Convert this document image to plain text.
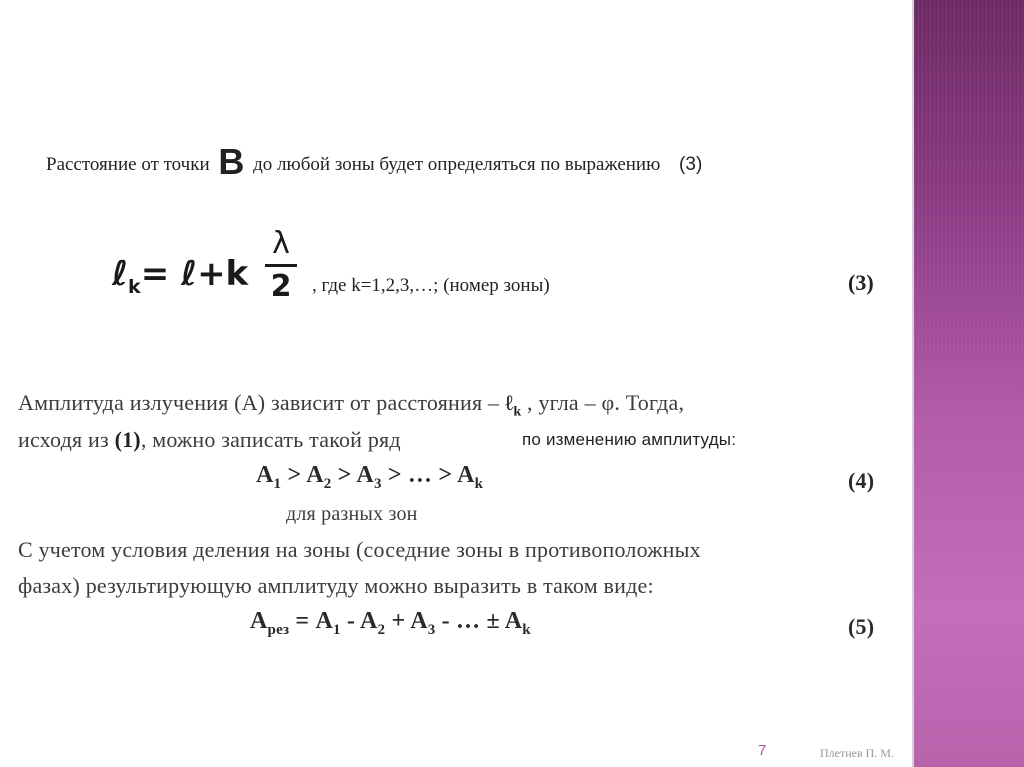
Расстояние от точки B до любой зоны будет определяться по выражению (3)
ℓ$_k$= ℓ+k
λ
2 , где k=1,2,3,…; (номер зоны)	(3)
Амплитуда излучения (А) зависит от расстояния – ℓ$_k$ , угла – φ. Тогда,
исходя из (1), можно записать такой ряд	по изменению амплитуды:
$A_1 > A_2 > A_3$ > … > $A_k$	(4)
для разных зон
С учетом условия деления на зоны (соседние зоны в противоположных
фазах) результирующую амплитуду можно выразить в таком виде:
$A_{рез} = A_1 - A_2 + A_3$ - … ± $A_k$	(5)
7	Плетнев П. М.
